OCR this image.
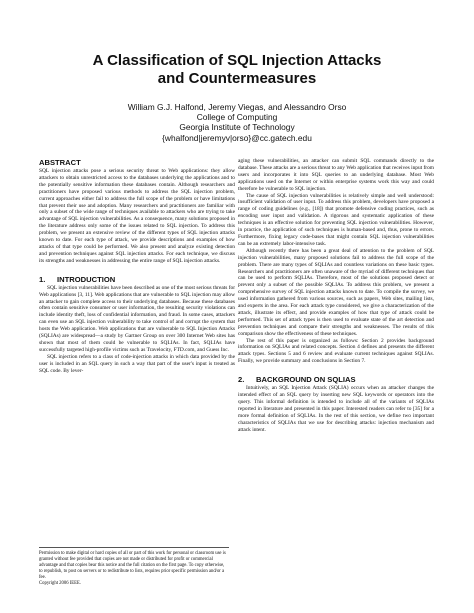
A Classification of SQL Injection Attacks
and Countermeasures
William G.J. Halfond, Jeremy Viegas, and Alessandro Orso
College of Computing
Georgia Institute of Technology
{whalfond|jeremyv|orso}@cc.gatech.edu
ABSTRACT

SQL injection attacks pose a serious security threat to Web applications: they allow attackers to obtain unrestricted access to the databases underlying the applications and to the potentially sensitive information these databases contain. Although researchers and practitioners have proposed various methods to address the SQL injection problem, current approaches either fail to address the full scope of the problem or have limitations that prevent their use and adoption. Many researchers and practitioners are familiar with only a subset of the wide range of techniques available to attackers who are trying to take advantage of SQL injection vulnerabilities. As a consequence, many solutions proposed in the literature address only some of the issues related to SQL injection. To address this problem, we present an extensive review of the different types of SQL injection attacks known to date. For each type of attack, we provide descriptions and examples of how attacks of that type could be performed. We also present and analyze existing detection and prevention techniques against SQL injection attacks. For each technique, we discuss its strengths and weaknesses in addressing the entire range of SQL injection attacks.

1. INTRODUCTION

SQL injection vulnerabilities have been described as one of the most serious threats for Web applications [3, 11]. Web applications that are vulnerable to SQL injection may allow an attacker to gain complete access to their underlying databases. Because these databases often contain sensitive consumer or user information, the resulting security violations can include identity theft, loss of confidential information, and fraud. In some cases, attackers can even use an SQL injection vulnerability to take control of and corrupt the system that hosts the Web application. Web applications that are vulnerable to SQL Injection Attacks (SQLIAs) are widespread—a study by Gartner Group on over 300 Internet Web sites has shown that most of them could be vulnerable to SQLIAs. In fact, SQLIAs have successfully targeted high-profile victims such as Travelocity, FTD.com, and Guess Inc.

SQL injection refers to a class of code-injection attacks in which data provided by the user is included in an SQL query in such a way that part of the user's input is treated as SQL code. By lever-

Permission to make digital or hard copies of all or part of this work for personal or classroom use is granted without fee provided that copies are not made or distributed for profit or commercial advantage and that copies bear this notice and the full citation on the first page. To copy otherwise, to republish, to post on servers or to redistribute to lists, requires prior specific permission and/or a fee.

Copyright 2006 IEEE.

aging these vulnerabilities, an attacker can submit SQL commands directly to the database. These attacks are a serious threat to any Web application that receives input from users and incorporates it into SQL queries to an underlying database. Most Web applications used on the Internet or within enterprise systems work this way and could therefore be vulnerable to SQL injection.

The cause of SQL injection vulnerabilities is relatively simple and well understood: insufficient validation of user input. To address this problem, developers have proposed a range of coding guidelines (e.g., [18]) that promote defensive coding practices, such as encoding user input and validation. A rigorous and systematic application of these techniques is an effective solution for preventing SQL injection vulnerabilities. However, in practice, the application of such techniques is human-based and, thus, prone to errors. Furthermore, fixing legacy code-bases that might contain SQL injection vulnerabilities can be an extremely labor-intensive task.

Although recently there has been a great deal of attention to the problem of SQL injection vulnerabilities, many proposed solutions fail to address the full scope of the problem. There are many types of SQLIAs and countless variations on these basic types. Researchers and practitioners are often unaware of the myriad of different techniques that can be used to perform SQLIAs. Therefore, most of the solutions proposed detect or prevent only a subset of the possible SQLIAs. To address this problem, we present a comprehensive survey of SQL injection attacks known to date. To compile the survey, we used information gathered from various sources, such as papers, Web sites, mailing lists, and experts in the area. For each attack type considered, we give a characterization of the attack, illustrate its effect, and provide examples of how that type of attack could be performed. This set of attack types is then used to evaluate state of the art detection and prevention techniques and compare their strengths and weaknesses. The results of this comparison show the effectiveness of these techniques.

The rest of this paper is organized as follows: Section 2 provides background information on SQLIAs and related concepts. Section 4 defines and presents the different attack types. Sections 5 and 6 review and evaluate current techniques against SQLIAs. Finally, we provide summary and conclusions in Section 7.

2. BACKGROUND ON SQLIAS

Intuitively, an SQL Injection Attack (SQLIA) occurs when an attacker changes the intended effect of an SQL query by inserting new SQL keywords or operators into the query. This informal definition is intended to include all of the variants of SQLIAs reported in literature and presented in this paper. Interested readers can refer to [35] for a more formal definition of SQLIAs. In the rest of this section, we define two important characteristics of SQLIAs that we use for describing attacks: injection mechanism and attack intent.
